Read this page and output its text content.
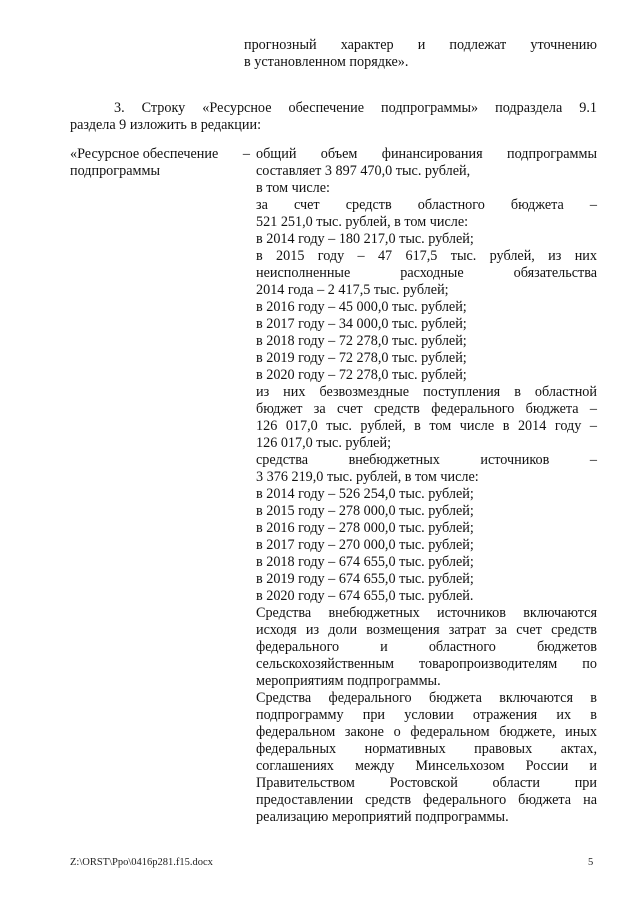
прогнозный характер и подлежат уточнению
в установленном порядке».
3. Строку «Ресурсное обеспечение подпрограммы» подраздела 9.1
раздела 9 изложить в редакции:
«Ресурсное обеспечение –
подпрограммы
общий объем финансирования подпрограммы
составляет 3 897 470,0 тыс. рублей,
в том числе:
за счет средств областного бюджета –
521 251,0 тыс. рублей, в том числе:
в 2014 году – 180 217,0 тыс. рублей;
в 2015 году – 47 617,5 тыс. рублей, из них
неисполненные расходные обязательства
2014 года – 2 417,5 тыс. рублей;
в 2016 году – 45 000,0 тыс. рублей;
в 2017 году – 34 000,0 тыс. рублей;
в 2018 году – 72 278,0 тыс. рублей;
в 2019 году – 72 278,0 тыс. рублей;
в 2020 году – 72 278,0 тыс. рублей;
из них безвозмездные поступления в областной
бюджет за счет средств федерального бюджета –
126 017,0 тыс. рублей, в том числе в 2014 году –
126 017,0 тыс. рублей;
средства внебюджетных источников –
3 376 219,0 тыс. рублей, в том числе:
в 2014 году – 526 254,0 тыс. рублей;
в 2015 году – 278 000,0 тыс. рублей;
в 2016 году – 278 000,0 тыс. рублей;
в 2017 году – 270 000,0 тыс. рублей;
в 2018 году – 674 655,0 тыс. рублей;
в 2019 году – 674 655,0 тыс. рублей;
в 2020 году – 674 655,0 тыс. рублей.
Средства внебюджетных источников включаются
исходя из доли возмещения затрат за счет средств
федерального и областного бюджетов
сельскохозяйственным товаропроизводителям по
мероприятиям подпрограммы.
Средства федерального бюджета включаются в
подпрограмму при условии отражения их в
федеральном законе о федеральном бюджете, иных
федеральных нормативных правовых актах,
соглашениях между Минсельхозом России и
Правительством Ростовской области при
предоставлении средств федерального бюджета на
реализацию мероприятий подпрограммы.
Z:\ORST\Ppo\0416p281.f15.docx	5
